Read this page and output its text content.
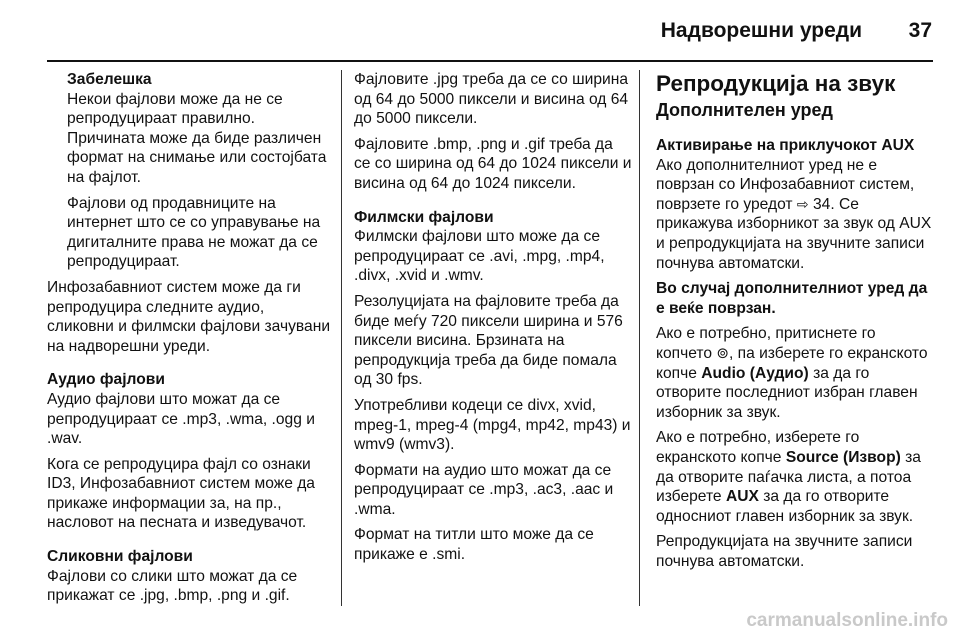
Надворешни уреди	37

Забелешка

Некои фајлови може да не се репродуцираат правилно. Причината може да биде различен формат на снимање или состојбата на фајлот.

Фајлови од продавниците на интернет што се со управување на дигиталните права не можат да се репродуцираат.

Инфозабавниот систем може да ги репродуцира следните аудио, сликовни и филмски фајлови зачувани на надворешни уреди.

Аудио фајлови

Аудио фајлови што можат да се репродуцираат се .mp3, .wma, .ogg и .wav.

Кога се репродуцира фајл со ознаки ID3, Инфозабавниот систем може да прикаже информации за, на пр., насловот на песната и изведувачот.

Сликовни фајлови

Фајлови со слики што можат да се прикажат се .jpg, .bmp, .png и .gif.

Фајловите .jpg треба да се со ширина од 64 до 5000 пиксели и висина од 64 до 5000 пиксели.

Фајловите .bmp, .png и .gif треба да се со ширина од 64 до 1024 пиксели и висина од 64 до 1024 пиксели.

Филмски фајлови

Филмски фајлови што може да се репродуцираат се .avi, .mpg, .mp4, .divx, .xvid и .wmv.

Резолуцијата на фајловите треба да биде меѓу 720 пиксели ширина и 576 пиксели висина. Брзината на репродукција треба да биде помала од 30 fps.

Употребливи кодеци се divx, xvid, mpeg-1, mpeg-4 (mpg4, mp42, mp43) и wmv9 (wmv3).

Формати на аудио што можат да се репродуцираат се .mp3, .ac3, .aac и .wma.

Формат на титли што може да се прикаже е .smi.

Репродукција на звук

Дополнителен уред

Активирање на приклучокот AUX

Ако дополнителниот уред не е поврзан со Инфозабавниот систем, поврзете го уредот ⇨ 34. Се прикажува изборникот за звук од AUX и репродукцијата на звучните записи почнува автоматски.

Во случај дополнителниот уред да е веќе поврзан.

Ако е потребно, притиснете го копчето ⊚, па изберете го екранското копче Audio (Аудио) за да го отворите последниот избран главен изборник за звук.

Ако е потребно, изберете го екранското копче Source (Извор) за да отворите паѓачка листа, а потоа изберете AUX за да го отворите односниот главен изборник за звук.

Репродукцијата на звучните записи почнува автоматски.

carmanualsonline.info
